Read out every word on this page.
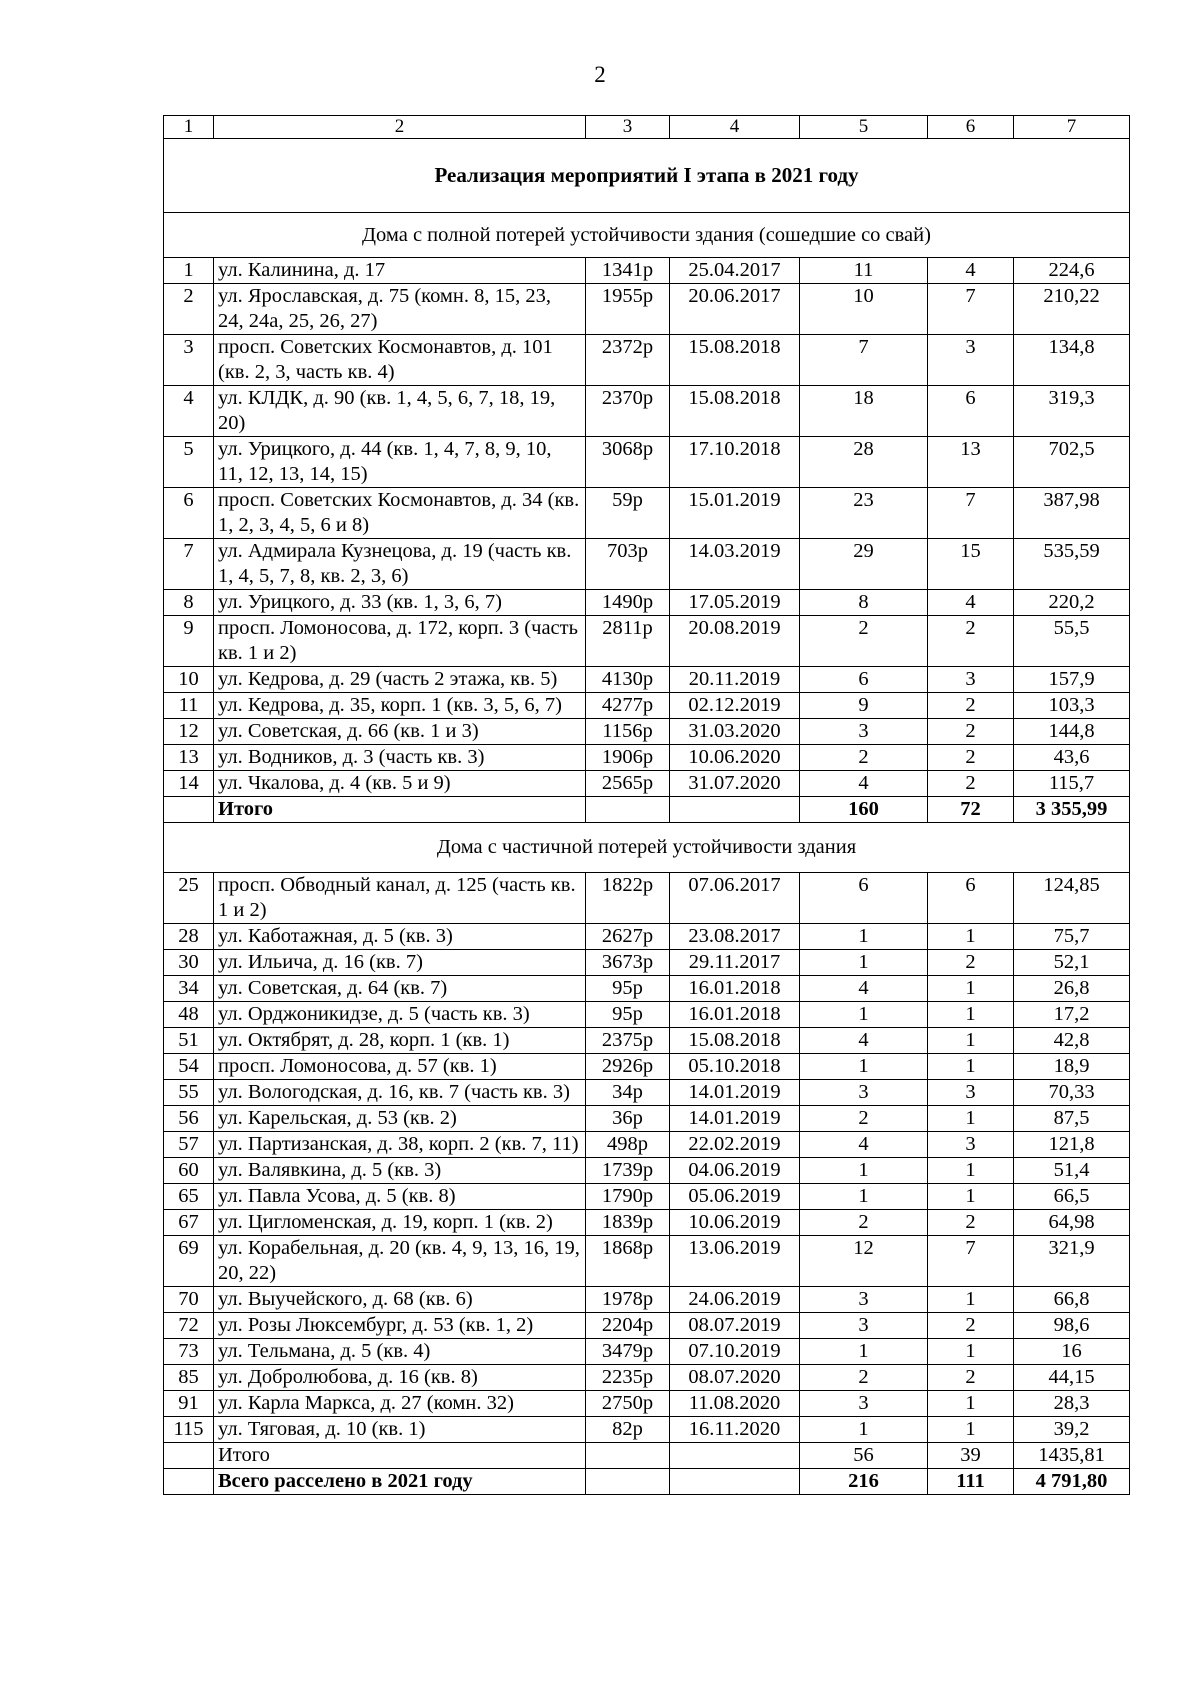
2
1	2	3	4	5	6	7
Реализация мероприятий I этапа в 2021 году						
Дома с полной потерей устойчивости здания (сошедшие со свай)						
1	ул. Калинина, д. 17	1341р	25.04.2017	11	4	224,6
2	ул. Ярославская, д. 75 (комн. 8, 15, 23, 24, 24а, 25, 26, 27)	1955р	20.06.2017	10	7	210,22
3	просп. Советских Космонавтов, д. 101 (кв. 2, 3, часть кв. 4)	2372р	15.08.2018	7	3	134,8
4	ул. КЛДК, д. 90 (кв. 1, 4, 5, 6, 7, 18, 19, 20)	2370р	15.08.2018	18	6	319,3
5	ул. Урицкого, д. 44 (кв. 1, 4, 7, 8, 9, 10, 11, 12, 13, 14, 15)	3068р	17.10.2018	28	13	702,5
6	просп. Советских Космонавтов, д. 34 (кв. 1, 2, 3, 4, 5, 6 и 8)	59р	15.01.2019	23	7	387,98
7	ул. Адмирала Кузнецова, д. 19 (часть кв. 1, 4, 5, 7, 8, кв. 2, 3, 6)	703р	14.03.2019	29	15	535,59
8	ул. Урицкого, д. 33 (кв. 1, 3, 6, 7)	1490р	17.05.2019	8	4	220,2
9	просп. Ломоносова, д. 172, корп. 3 (часть кв. 1 и 2)	2811р	20.08.2019	2	2	55,5
10	ул. Кедрова, д. 29 (часть 2 этажа, кв. 5)	4130р	20.11.2019	6	3	157,9
11	ул. Кедрова, д. 35, корп. 1 (кв. 3, 5, 6, 7)	4277р	02.12.2019	9	2	103,3
12	ул. Советская, д. 66 (кв. 1 и 3)	1156р	31.03.2020	3	2	144,8
13	ул. Водников, д. 3 (часть кв. 3)	1906р	10.06.2020	2	2	43,6
14	ул. Чкалова, д. 4 (кв. 5 и 9)	2565р	31.07.2020	4	2	115,7
	Итого			160	72	3 355,99
Дома с частичной потерей устойчивости здания						
25	просп. Обводный канал, д. 125 (часть кв. 1 и 2)	1822р	07.06.2017	6	6	124,85
28	ул. Каботажная, д. 5 (кв. 3)	2627р	23.08.2017	1	1	75,7
30	ул. Ильича, д. 16 (кв. 7)	3673р	29.11.2017	1	2	52,1
34	ул. Советская, д. 64 (кв. 7)	95р	16.01.2018	4	1	26,8
48	ул. Орджоникидзе, д. 5 (часть кв. 3)	95р	16.01.2018	1	1	17,2
51	ул. Октябрят, д. 28, корп. 1 (кв. 1)	2375р	15.08.2018	4	1	42,8
54	просп. Ломоносова, д. 57 (кв. 1)	2926р	05.10.2018	1	1	18,9
55	ул. Вологодская, д. 16, кв. 7 (часть кв. 3)	34р	14.01.2019	3	3	70,33
56	ул. Карельская, д. 53 (кв. 2)	36р	14.01.2019	2	1	87,5
57	ул. Партизанская, д. 38, корп. 2 (кв. 7, 11)	498р	22.02.2019	4	3	121,8
60	ул. Валявкина, д. 5 (кв. 3)	1739р	04.06.2019	1	1	51,4
65	ул. Павла Усова, д. 5 (кв. 8)	1790р	05.06.2019	1	1	66,5
67	ул. Цигломенская, д. 19, корп. 1 (кв. 2)	1839р	10.06.2019	2	2	64,98
69	ул. Корабельная, д. 20 (кв. 4, 9, 13, 16, 19, 20, 22)	1868р	13.06.2019	12	7	321,9
70	ул. Выучейского, д. 68 (кв. 6)	1978р	24.06.2019	3	1	66,8
72	ул. Розы Люксембург, д. 53 (кв. 1, 2)	2204р	08.07.2019	3	2	98,6
73	ул. Тельмана, д. 5 (кв. 4)	3479р	07.10.2019	1	1	16
85	ул. Добролюбова, д. 16 (кв. 8)	2235р	08.07.2020	2	2	44,15
91	ул. Карла Маркса, д. 27 (комн. 32)	2750р	11.08.2020	3	1	28,3
115	ул. Тяговая, д. 10 (кв. 1)	82р	16.11.2020	1	1	39,2
	Итого			56	39	1435,81
	Всего расселено в 2021 году			216	111	4 791,80
